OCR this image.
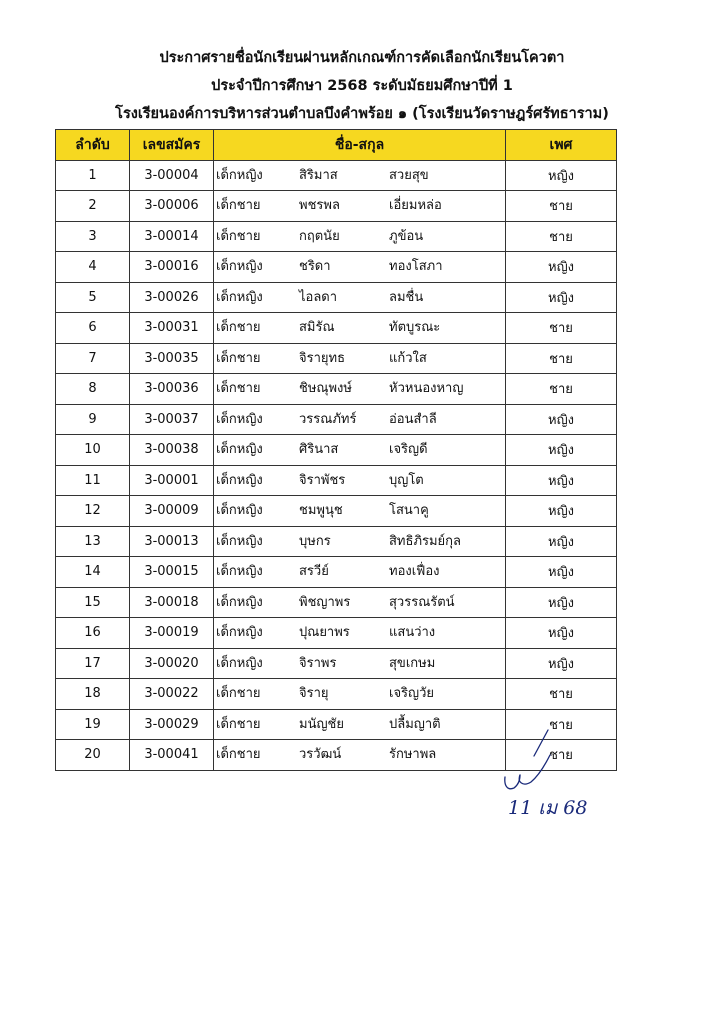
ประกาศรายชื่อนักเรียนผ่านหลักเกณฑ์การคัดเลือกนักเรียนโควตา
ประจำปีการศึกษา 2568 ระดับมัธยมศึกษาปีที่ 1
โรงเรียนองค์การบริหารส่วนตำบลบึงคำพร้อย ๑ (โรงเรียนวัดราษฎร์ศรัทธาราม)
ลำดับ	เลขสมัคร	ชื่อ-สกุล	เพศ
1	3-00004	เด็กหญิง สิริมาส สวยสุข	หญิง
2	3-00006	เด็กชาย พชรพล เอี่ยมหล่อ	ชาย
3	3-00014	เด็กชาย กฤตนัย ภูข้อน	ชาย
4	3-00016	เด็กหญิง ชริดา ทองโสภา	หญิง
5	3-00026	เด็กหญิง ไอลดา ลมชื่น	หญิง
6	3-00031	เด็กชาย สมิรัณ ทัตบูรณะ	ชาย
7	3-00035	เด็กชาย จิรายุทธ แก้วใส	ชาย
8	3-00036	เด็กชาย ชิษณุพงษ์ หัวหนองหาญ	ชาย
9	3-00037	เด็กหญิง วรรณภัทร์ อ่อนสำลี	หญิง
10	3-00038	เด็กหญิง ศิรินาส เจริญดี	หญิง
11	3-00001	เด็กหญิง จิราพัชร บุญโต	หญิง
12	3-00009	เด็กหญิง ชมพูนุช โสนาคู	หญิง
13	3-00013	เด็กหญิง บุษกร สิทธิภิรมย์กุล	หญิง
14	3-00015	เด็กหญิง สรวีย์ ทองเฟื่อง	หญิง
15	3-00018	เด็กหญิง พิชญาพร สุวรรณรัตน์	หญิง
16	3-00019	เด็กหญิง ปุณยาพร แสนว่าง	หญิง
17	3-00020	เด็กหญิง จิราพร สุขเกษม	หญิง
18	3-00022	เด็กชาย จิรายุ เจริญวัย	ชาย
19	3-00029	เด็กชาย มนัญชัย ปลื้มญาติ	ชาย
20	3-00041	เด็กชาย วรวัฒน์ รักษาพล	ชาย
11 เม 68
